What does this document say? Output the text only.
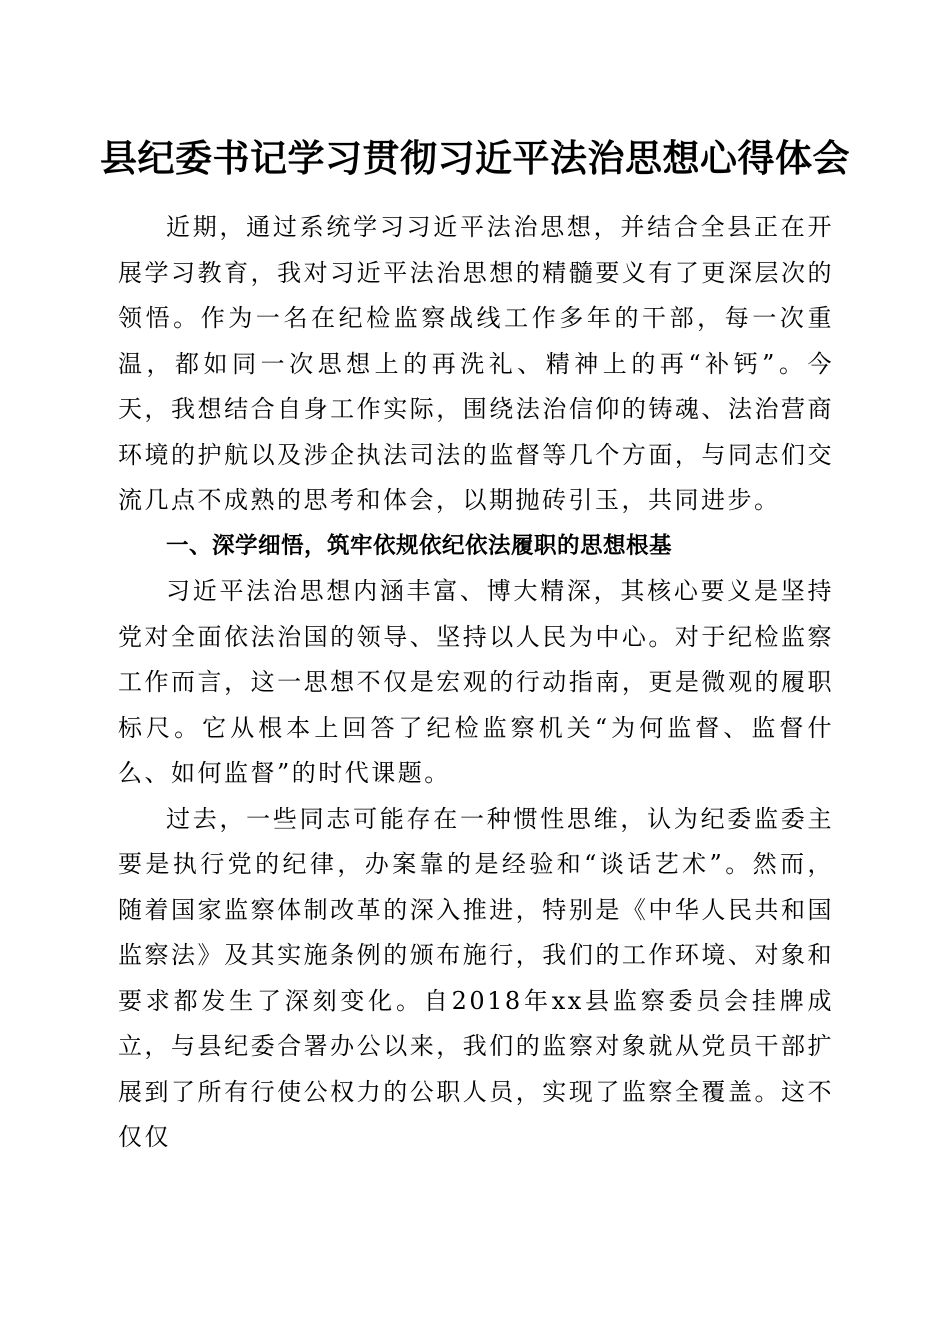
县纪委书记学习贯彻习近平法治思想心得体会

近期，通过系统学习习近平法治思想，并结合全县正在开展学习教育，我对习近平法治思想的精髓要义有了更深层次的领悟。作为一名在纪检监察战线工作多年的干部，每一次重温，都如同一次思想上的再洗礼、精神上的再“补钙”。今天，我想结合自身工作实际，围绕法治信仰的铸魂、法治营商环境的护航以及涉企执法司法的监督等几个方面，与同志们交流几点不成熟的思考和体会，以期抛砖引玉，共同进步。

一、深学细悟，筑牢依规依纪依法履职的思想根基

习近平法治思想内涵丰富、博大精深，其核心要义是坚持党对全面依法治国的领导、坚持以人民为中心。对于纪检监察工作而言，这一思想不仅是宏观的行动指南，更是微观的履职标尺。它从根本上回答了纪检监察机关“为何监督、监督什么、如何监督”的时代课题。

过去，一些同志可能存在一种惯性思维，认为纪委监委主要是执行党的纪律，办案靠的是经验和“谈话艺术”。然而，随着国家监察体制改革的深入推进，特别是《中华人民共和国监察法》及其实施条例的颁布施行，我们的工作环境、对象和要求都发生了深刻变化。自2018年xx县监察委员会挂牌成立，与县纪委合署办公以来，我们的监察对象就从党员干部扩展到了所有行使公权力的公职人员，实现了监察全覆盖。这不仅仅
